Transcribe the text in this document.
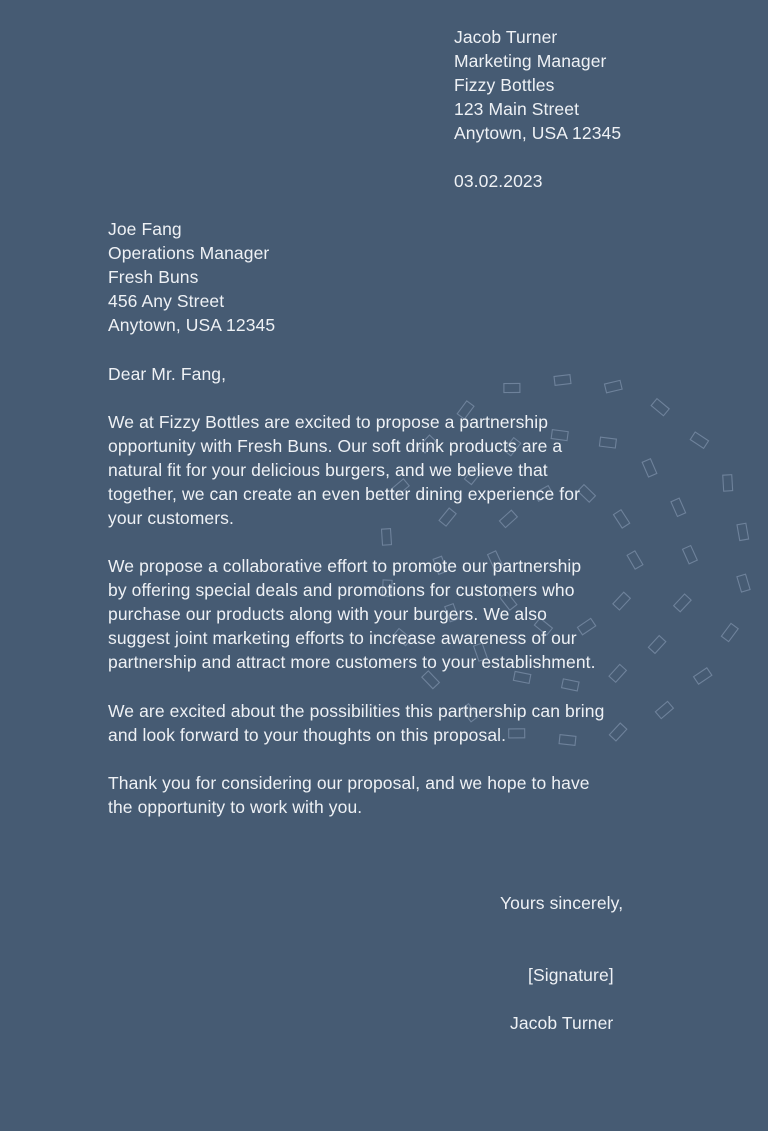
Jacob Turner
Marketing Manager
Fizzy Bottles
123 Main Street
Anytown, USA 12345
03.02.2023
Joe Fang
Operations Manager
Fresh Buns
456 Any Street
Anytown, USA 12345
Dear Mr. Fang,
We at Fizzy Bottles are excited to propose a partnership
opportunity with Fresh Buns. Our soft drink products are a
natural fit for your delicious burgers, and we believe that
together, we can create an even better dining experience for
your customers.
We propose a collaborative effort to promote our partnership
by offering special deals and promotions for customers who
purchase our products along with your burgers. We also
suggest joint marketing efforts to increase awareness of our
partnership and attract more customers to your establishment.
We are excited about the possibilities this partnership can bring
and look forward to your thoughts on this proposal.
Thank you for considering our proposal, and we hope to have
the opportunity to work with you.
Yours sincerely,
[Signature]
Jacob Turner
